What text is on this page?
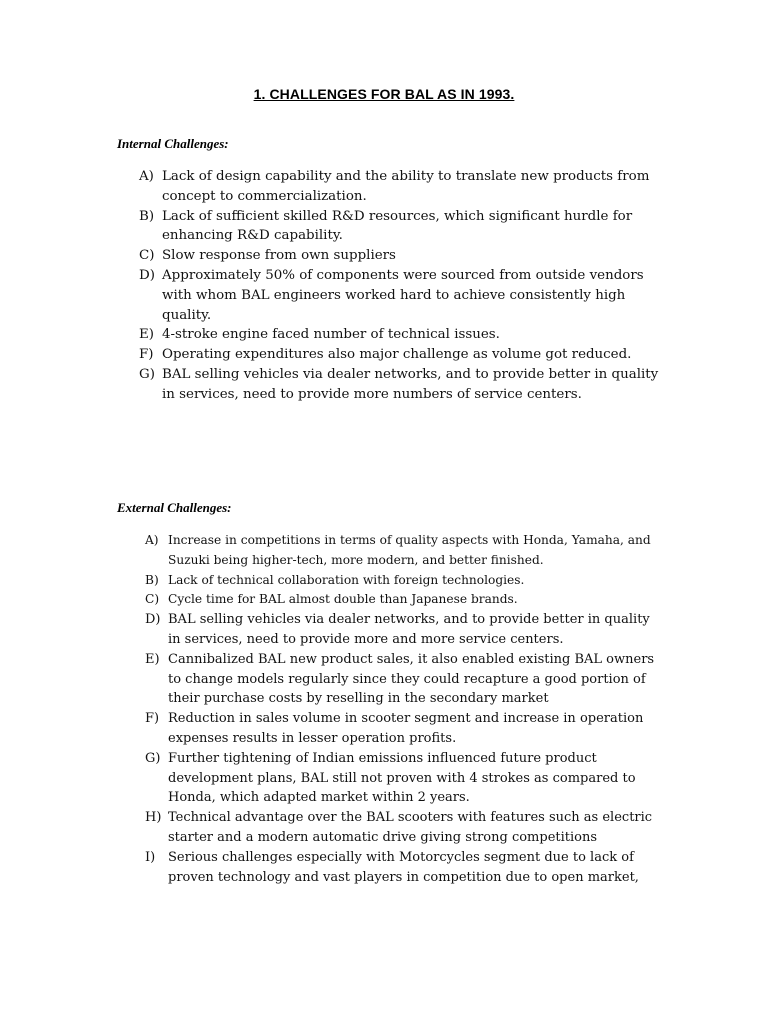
1. CHALLENGES FOR BAL AS IN 1993.
Internal Challenges:
A) Lack of design capability and the ability to translate new products from concept to commercialization.
B) Lack of sufficient skilled R&D resources, which significant hurdle for enhancing R&D capability.
C) Slow response from own suppliers
D) Approximately 50% of components were sourced from outside vendors with whom BAL engineers worked hard to achieve consistently high quality.
E) 4-stroke engine faced number of technical issues.
F) Operating expenditures also major challenge as volume got reduced.
G) BAL selling vehicles via dealer networks, and to provide better in quality in services, need to provide more numbers of service centers.
External Challenges:
A) Increase in competitions in terms of quality aspects with Honda, Yamaha, and Suzuki being higher-tech, more modern, and better finished.
B) Lack of technical collaboration with foreign technologies.
C) Cycle time for BAL almost double than Japanese brands.
D) BAL selling vehicles via dealer networks, and to provide better in quality in services, need to provide more and more service centers.
E) Cannibalized BAL new product sales, it also enabled existing BAL owners to change models regularly since they could recapture a good portion of their purchase costs by reselling in the secondary market
F) Reduction in sales volume in scooter segment and increase in operation expenses results in lesser operation profits.
G) Further tightening of Indian emissions influenced future product development plans, BAL still not proven with 4 strokes as compared to Honda, which adapted market within 2 years.
H) Technical advantage over the BAL scooters with features such as electric starter and a modern automatic drive giving strong competitions
I) Serious challenges especially with Motorcycles segment due to lack of proven technology and vast players in competition due to open market,
